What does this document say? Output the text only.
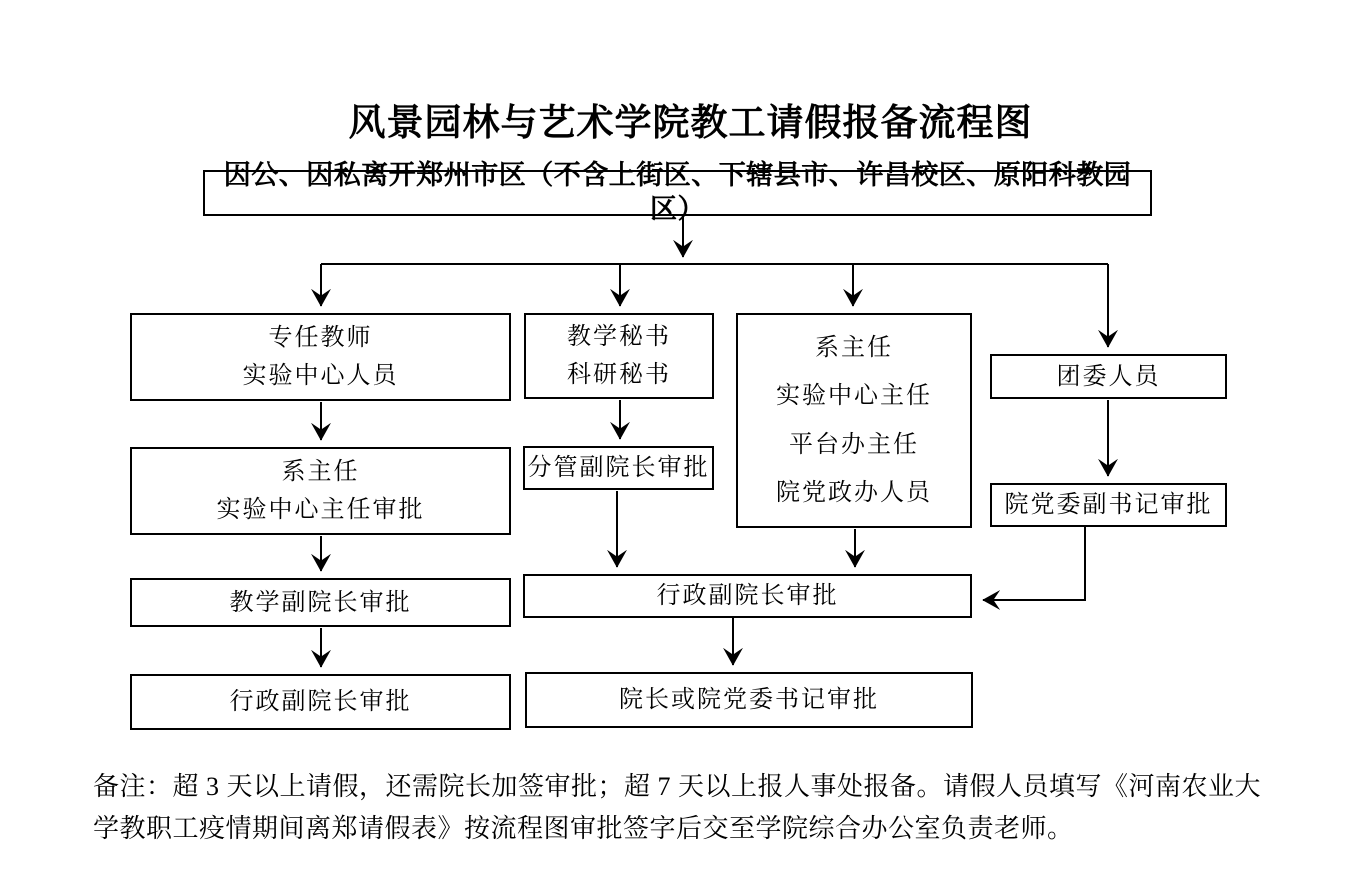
风景园林与艺术学院教工请假报备流程图
因公、因私离开郑州市区（不含上街区、下辖县市、许昌校区、原阳科教园区）
专任教师
实验中心人员
系主任
实验中心主任审批
教学副院长审批
行政副院长审批
教学秘书
科研秘书
分管副院长审批
系主任
实验中心主任
平台办主任
院党政办人员
团委人员
院党委副书记审批
行政副院长审批
院长或院党委书记审批
备注：超 3 天以上请假，还需院长加签审批；超 7 天以上报人事处报备。请假人员填写《河南农业大
学教职工疫情期间离郑请假表》按流程图审批签字后交至学院综合办公室负责老师。
